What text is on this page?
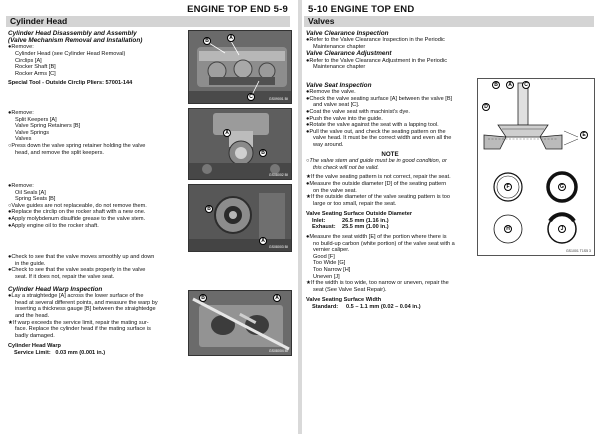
ENGINE TOP END 5-9
Cylinder Head

Cylinder Head Disassembly and Assembly

(Valve Mechanism Removal and Installation)

●Remove:

Cylinder Head (see Cylinder Head Removal)

Circlips [A]

Rocker Shaft [B]

Rocker Arms [C]

Special Tool - Outside Circlip Pliers: 57001-144

●Remove:

Split Keepers [A]

Valve Spring Retainers [B]

Valve Springs

Valves

○Press down the valve spring retainer holding the valve

head, and remove the split keepers.

●Remove:

Oil Seals [A]

Spring Seats [B]

○Valve guides are not replaceable, do not remove them.

●Replace the circlip on the rocker shaft with a new one.

●Apply molybdenum disulfide grease to the valve stem.

●Apply engine oil to the rocker shaft.

●Check to see that the valve moves smoothly up and down

in the guide.

●Check to see that the valve seats properly in the valve

seat. If it does not, repair the valve seat.

Cylinder Head Warp Inspection

●Lay a straightedge [A] across the lower surface of the

head at several different points, and measure the warp by

inserting a thickness gauge [B] between the straightedge

and the head.

★If warp exceeds the service limit, repair the mating sur-

face. Replace the cylinder head if the mating surface is

badly damaged.

Cylinder Head Warp

Service Limit: 0.03 mm (0.001 in.)

B	A
C	GS09001 BI
A
B
GS08002 BI
B
A
GS08003 BI
B	A
GS08004 BI
5-10 ENGINE TOP END
Valves

Valve Clearance Inspection

●Refer to the Valve Clearance Inspection in the Periodic

Maintenance chapter

Valve Clearance Adjustment

●Refer to the Valve Clearance Adjustment in the Periodic

Maintenance chapter

Valve Seat Inspection

●Remove the valve.

●Check the valve seating surface [A] between the valve [B]

and valve seat [C].

●Coat the valve seat with machinist's dye.

●Push the valve into the guide.

●Rotate the valve against the seat with a lapping tool.

●Pull the valve out, and check the seating pattern on the

valve head. It must be the correct width and even all the

way around.

NOTE

○The valve stem and guide must be in good condition, or

this check will not be valid.

★If the valve seating pattern is not correct, repair the seat.

●Measure the outside diameter [D] of the seating pattern

on the valve seat.

★If the outside diameter of the valve seating pattern is too

large or too small, repair the seat.

Valve Seating Surface Outside Diameter

Inlet:	26.5 mm (1.16 in.)
Exhaust:	25.5 mm (1.00 in.)

●Measure the seat width [E] of the portion where there is

no build-up carbon (white portion) of the valve seat with a

vernier caliper.

Good [F]

Too Wide [G]

Too Narrow [H]

Uneven [J]

★If the width is too wide, too narrow or uneven, repair the

seat (See Valve Seat Repair).

Valve Seating Surface Width

Standard:	0.5 – 1.1 mm (0.02 – 0.04 in.)
B	A	C
D
E
F	G
H	J
GS1001 T1S5 3
